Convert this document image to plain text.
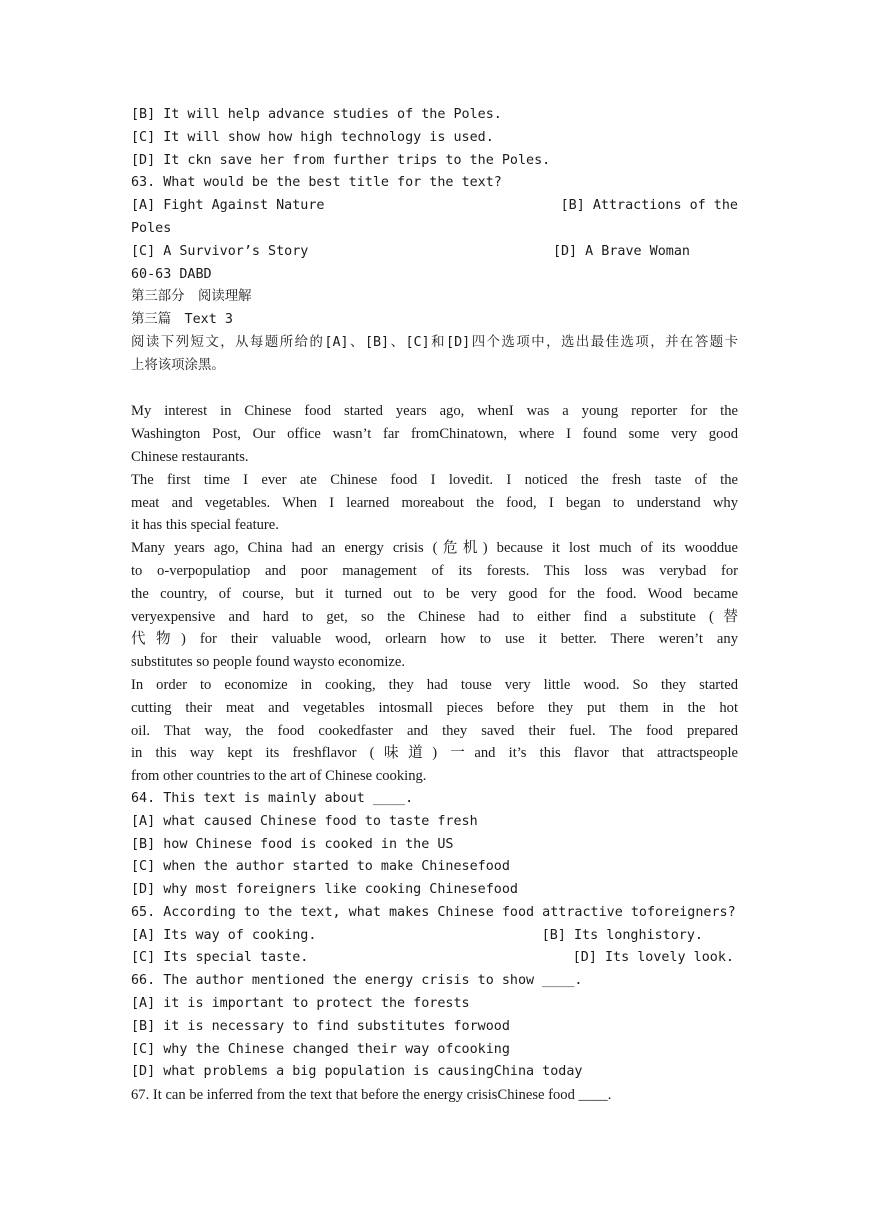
[B] It will help advance studies of the Poles.
[C] It will show how high technology is used.
[D] It ckn save her from further trips to the Poles.
63. What would be the best title for the text?
[A] Fight Against Nature	[B] Attractions of the
Poles
[C] A Survivor’s Story	[D] A Brave Woman
60-63 DABD
第三部分　阅读理解
第三篇　Text 3
阅读下列短文，从每题所给的[A]、[B]、[C]和[D]四个选项中，选出最佳选项，并在答题卡
上将该项涂黑。
My interest in Chinese food started years ago, whenI was a young reporter for the
Washington Post, Our office wasn’t far fromChinatown, where I found some very good
Chinese restaurants.
The first time I ever ate Chinese food I lovedit. I noticed the fresh taste of the
meat and vegetables. When I learned moreabout the food, I began to understand why
it has this special feature.
Many years ago, China had an energy crisis (危机) because it lost much of its wooddue
to o-verpopulatiop and poor management of its forests. This loss was verybad for
the country, of course, but it turned out to be very good for the food. Wood became
veryexpensive and hard to get, so the Chinese had to either find a substitute (替
代物) for their valuable wood, orlearn how to use it better. There weren’t any
substitutes so people found waysto economize.
In order to economize in cooking, they had touse very little wood. So they started
cutting their meat and vegetables intosmall pieces before they put them in the hot
oil. That way, the food cookedfaster and they saved their fuel. The food prepared
in this way kept its freshflavor (味道) 一and it’s this flavor that attractspeople
from other countries to the art of Chinese cooking.
64. This text is mainly about ____.
[A] what caused Chinese food to taste fresh
[B] how Chinese food is cooked in the US
[C] when the author started to make Chinesefood
[D] why most foreigners like cooking Chinesefood
65. According to the text, what makes Chinese food attractive toforeigners?
[A] Its way of cooking.	[B] Its longhistory.
[C] Its special taste.	[D] Its lovely look.
66. The author mentioned the energy crisis to show ____.
[A] it is important to protect the forests
[B] it is necessary to find substitutes forwood
[C] why the Chinese changed their way ofcooking
[D] what problems a big population is causingChina today
67. It can be inferred from the text that before the energy crisisChinese food ____.
